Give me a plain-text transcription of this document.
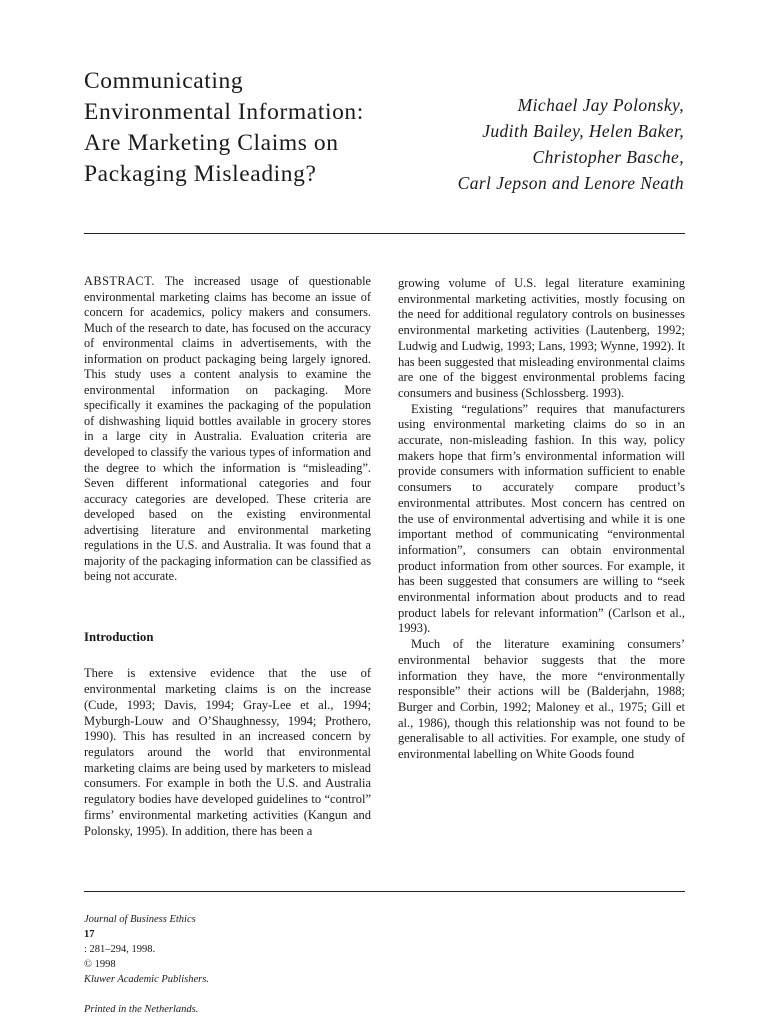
Communicating
Environmental Information:
Are Marketing Claims on
Packaging Misleading?
Michael Jay Polonsky,
Judith Bailey, Helen Baker,
Christopher Basche,
Carl Jepson and Lenore Neath

ABSTRACT. The increased usage of questionable environmental marketing claims has become an issue of concern for academics, policy makers and consumers. Much of the research to date, has focused on the accuracy of environmental claims in advertisements, with the information on product packaging being largely ignored. This study uses a content analysis to examine the environmental information on packaging. More specifically it examines the packaging of the population of dishwashing liquid bottles available in grocery stores in a large city in Australia. Evaluation criteria are developed to classify the various types of information and the degree to which the information is “misleading”. Seven different informational categories and four accuracy categories are developed. These criteria are developed based on the existing environmental advertising literature and environmental marketing regulations in the U.S. and Australia. It was found that a majority of the packaging information can be classified as being not accurate.

Introduction

There is extensive evidence that the use of environmental marketing claims is on the increase (Cude, 1993; Davis, 1994; Gray-Lee et al., 1994; Myburgh-Louw and O’Shaughnessy, 1994; Prothero, 1990). This has resulted in an increased concern by regulators around the world that environmental marketing claims are being used by marketers to mislead consumers. For example in both the U.S. and Australia regulatory bodies have developed guidelines to “control” firms’ environmental marketing activities (Kangun and Polonsky, 1995). In addition, there has been a

growing volume of U.S. legal literature examining environmental marketing activities, mostly focusing on the need for additional regulatory controls on businesses environmental marketing activities (Lautenberg, 1992; Ludwig and Ludwig, 1993; Lans, 1993; Wynne, 1992). It has been suggested that misleading environmental claims are one of the biggest environmental problems facing consumers and business (Schlossberg. 1993).

Existing “regulations” requires that manufacturers using environmental marketing claims do so in an accurate, non-misleading fashion. In this way, policy makers hope that firm’s environmental information will provide consumers with information sufficient to enable consumers to accurately compare product’s environmental attributes. Most concern has centred on the use of environmental advertising and while it is one important method of communicating “environmental information”, consumers can obtain environmental product information from other sources. For example, it has been suggested that consumers are willing to “seek environmental information about products and to read product labels for relevant information” (Carlson et al., 1993).

Much of the literature examining consumers’ environmental behavior suggests that the more information they have, the more “environmentally responsible” their actions will be (Balderjahn, 1988; Burger and Corbin, 1992; Maloney et al., 1975; Gill et al., 1986), though this relationship was not found to be generalisable to all activities. For example, one study of environmental labelling on White Goods found

Journal of Business Ethics
17
: 281–294, 1998.
© 1998
Kluwer Academic Publishers.

Printed in the Netherlands.
